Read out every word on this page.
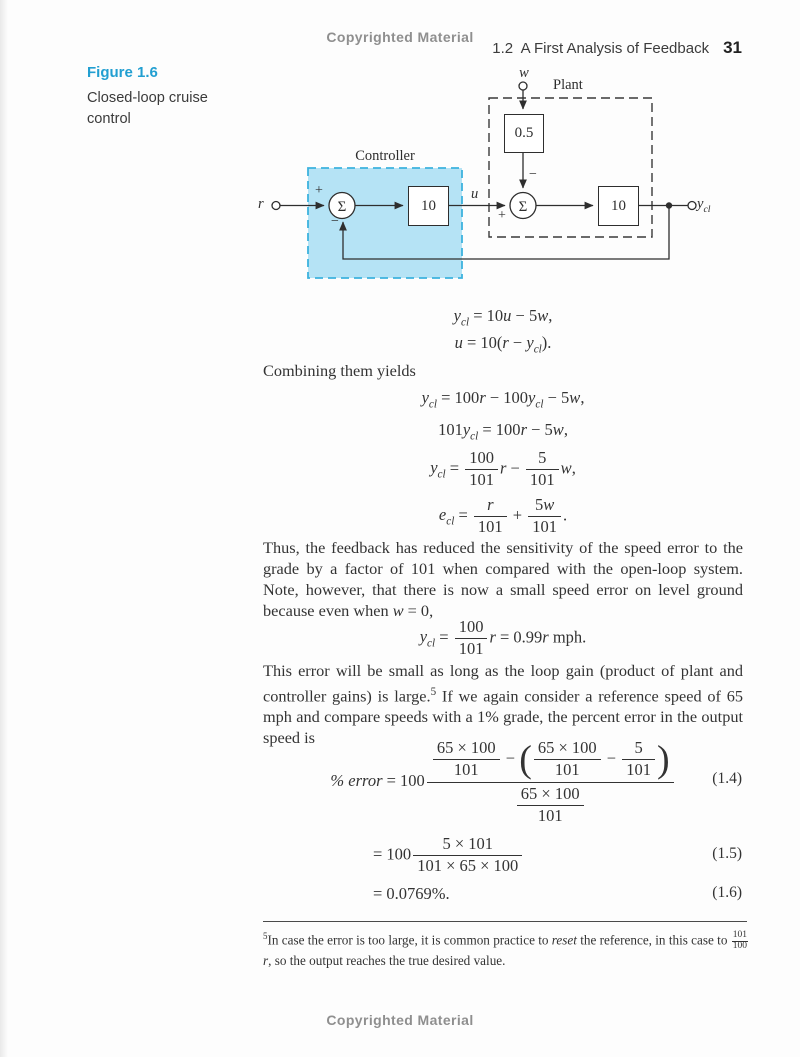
Copyrighted Material
1.2  A First Analysis of Feedback 31
Figure 1.6
Closed-loop cruise control
Σ	Σ
0.5
10	10
w
Plant
Controller
r
u
$y_{cl}$
+
−
−
+
$y_{cl} = 10u - 5w$,
$u = 10(r - y_{cl})$.
Combining them yields
$y_{cl} = 100r - 100y_{cl} - 5w$,
$101y_{cl} = 100r - 5w$,
$y_{cl} = \frac{100}{101}$ $r - \frac{5}{101} w$,
$e_{cl} = \frac{r}{101} + \frac{5w}{101}$ .
Thus, the feedback has reduced the sensitivity of the speed error to the grade by a factor of 101 when compared with the open-loop system. Note, however, that there is now a small speed error on level ground because even when w = 0,
$y_{cl} = \frac{100}{101}$ r = 0.99r mph.
This error will be small as long as the loop gain (product of plant and controller gains) is large.$^5$ If we again consider a reference speed of 65 mph and compare speeds with a 1% grade, the percent error in the output speed is
% error = $100 \frac{\frac{65 \times 100}{101} - ( \frac{65 \times 100}{101} - \frac{5}{101} )}{\frac{65 \times 100}{101}} (1.4)$
= $100 \frac{5 \times 101}{101 \times 65 \times 100}$	(1.5)
= 0.0769%.	(1.6)
$^5$In case the error is too large, it is common practice to reset the reference, in this case to $\frac{101}{100}$
r, so the output reaches the true desired value.
Copyrighted Material
